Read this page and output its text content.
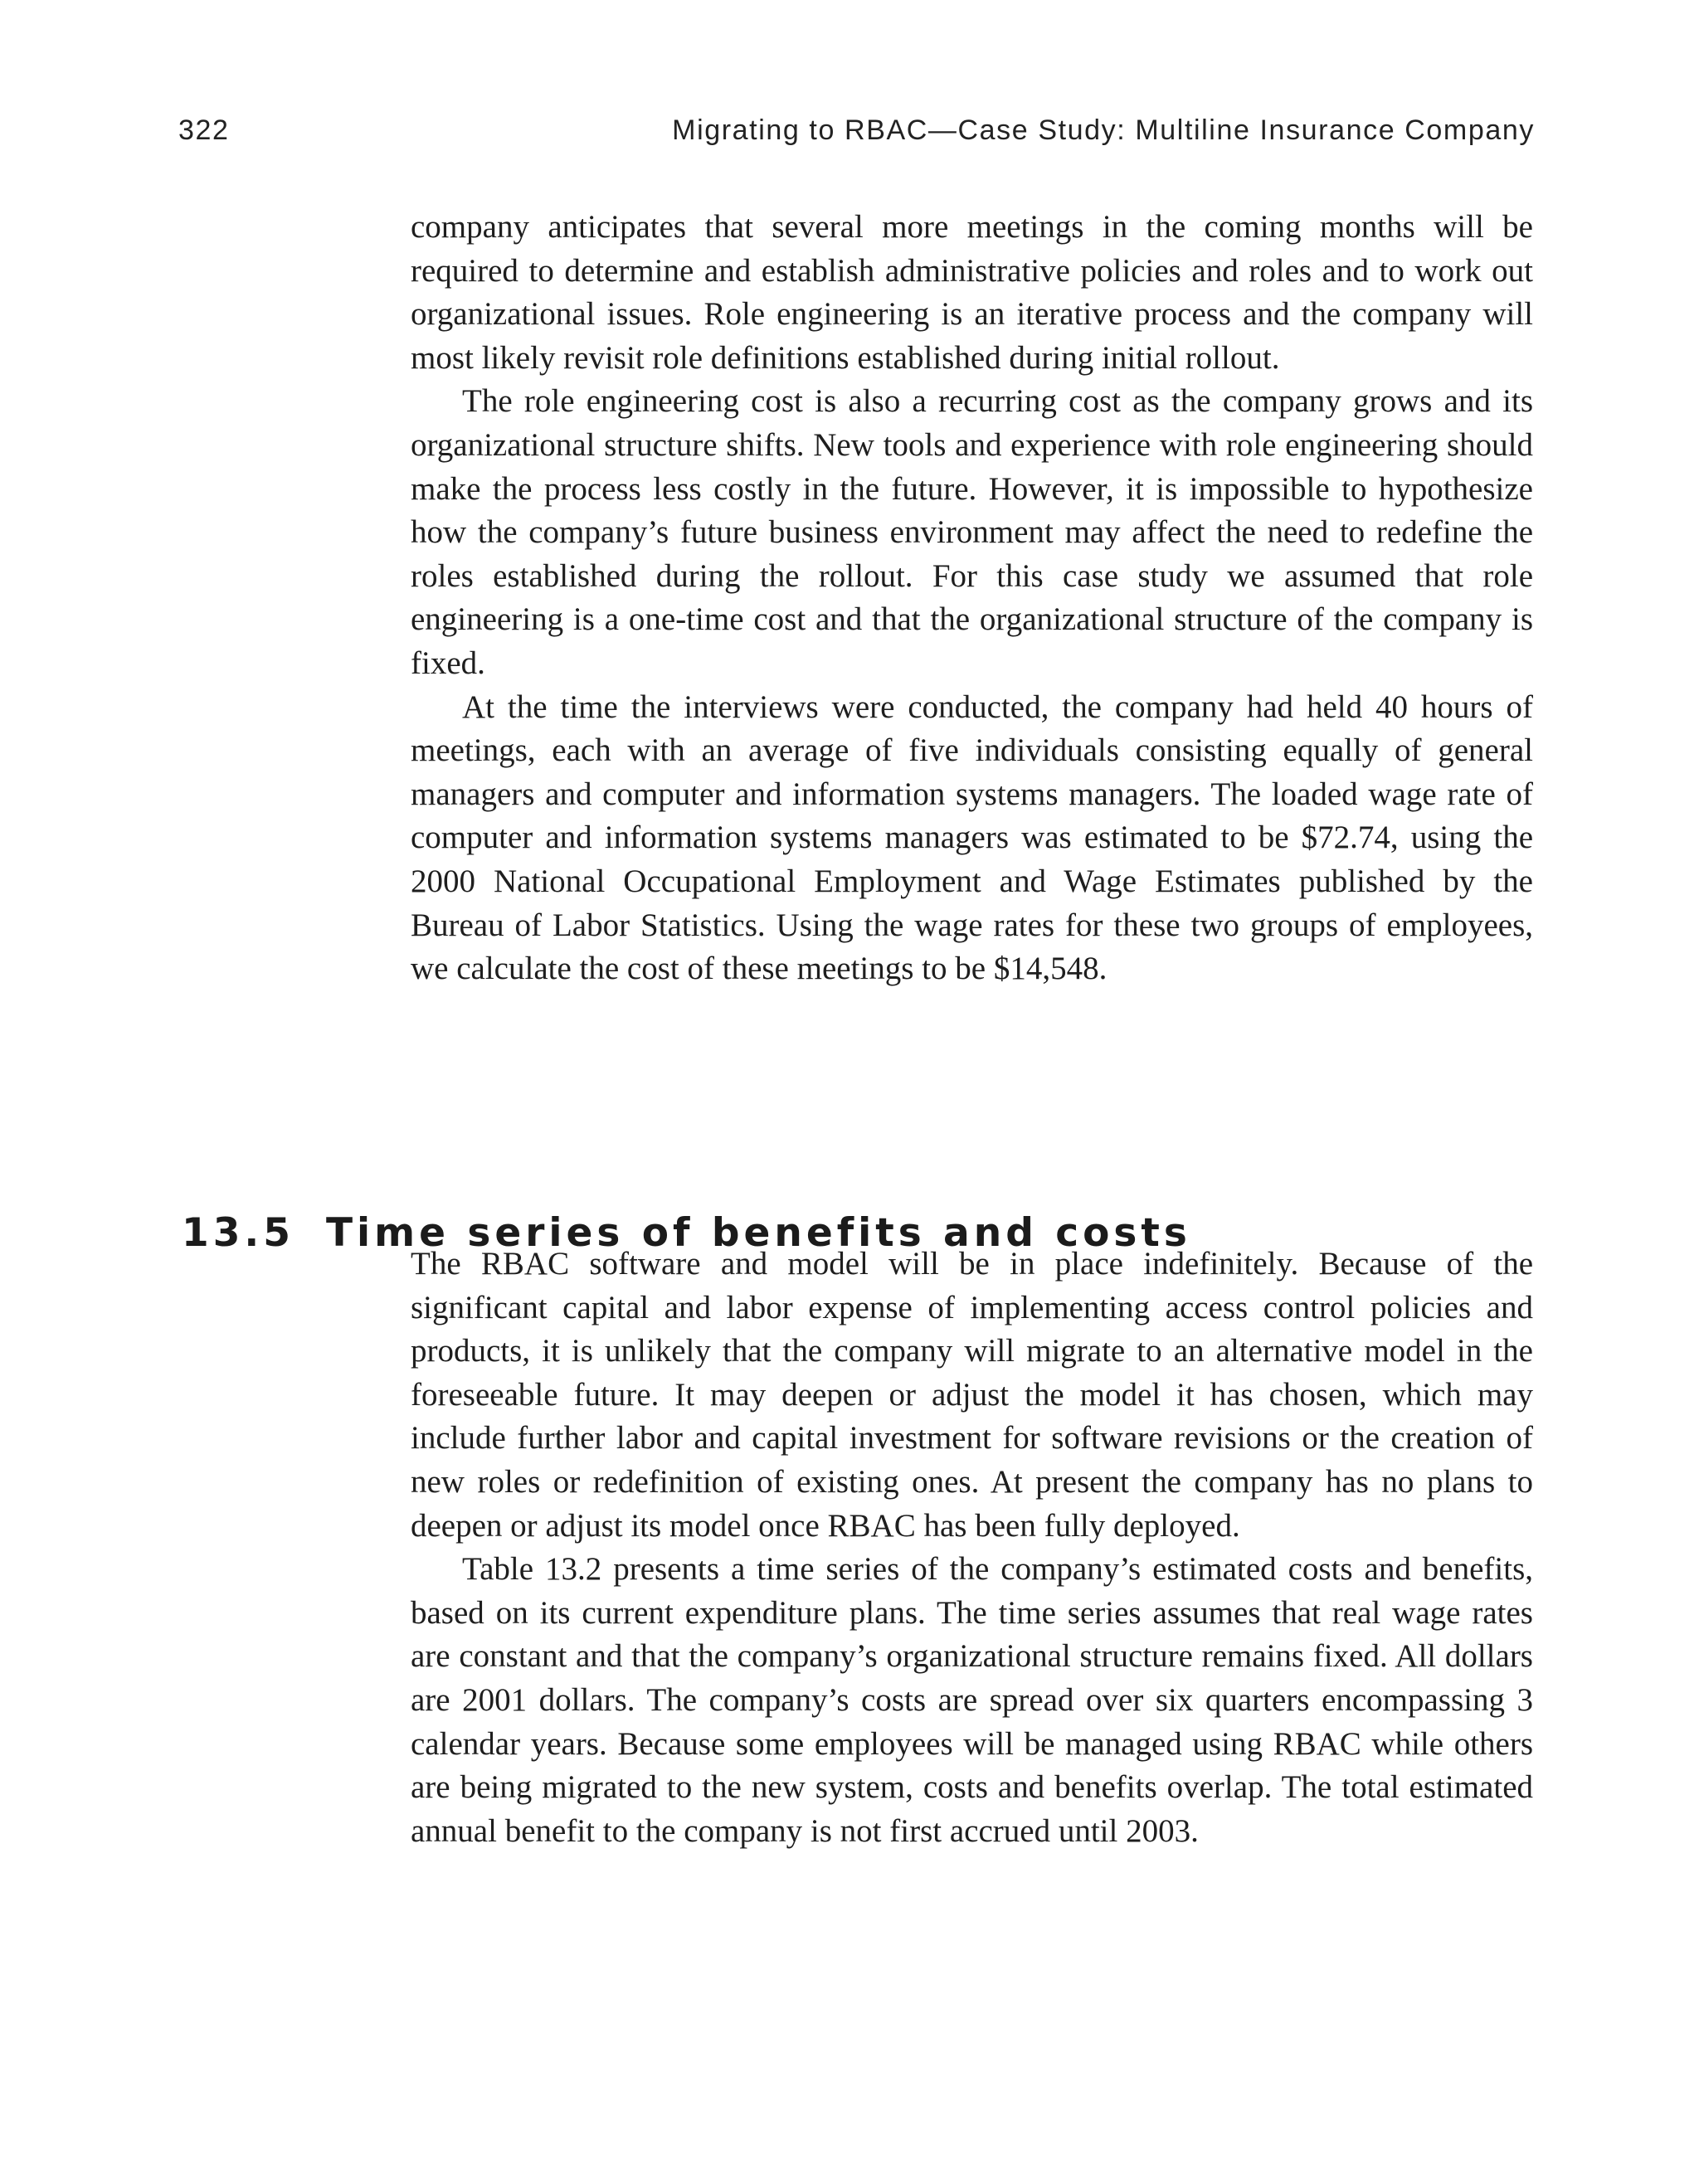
322	Migrating to RBAC—Case Study: Multiline Insurance Company

company anticipates that several more meetings in the coming months will be required to determine and establish administrative policies and roles and to work out organizational issues. Role engineering is an iterative process and the company will most likely revisit role definitions established during initial rollout.

The role engineering cost is also a recurring cost as the company grows and its organizational structure shifts. New tools and experience with role engineering should make the process less costly in the future. However, it is impossible to hypothesize how the company’s future business environment may affect the need to redefine the roles established during the rollout. For this case study we assumed that role engineering is a one-time cost and that the organizational structure of the company is fixed.

At the time the interviews were conducted, the company had held 40 hours of meetings, each with an average of five individuals consisting equally of general managers and computer and information systems managers. The loaded wage rate of computer and information systems managers was estimated to be $72.74, using the 2000 National Occupational Employment and Wage Estimates published by the Bureau of Labor Statistics. Using the wage rates for these two groups of employees, we calculate the cost of these meetings to be $14,548.

13.5 Time series of benefits and costs

The RBAC software and model will be in place indefinitely. Because of the significant capital and labor expense of implementing access control policies and products, it is unlikely that the company will migrate to an alternative model in the foreseeable future. It may deepen or adjust the model it has chosen, which may include further labor and capital investment for software revisions or the creation of new roles or redefinition of existing ones. At present the company has no plans to deepen or adjust its model once RBAC has been fully deployed.

Table 13.2 presents a time series of the company’s estimated costs and benefits, based on its current expenditure plans. The time series assumes that real wage rates are constant and that the company’s organizational structure remains fixed. All dollars are 2001 dollars. The company’s costs are spread over six quarters encompassing 3 calendar years. Because some employees will be managed using RBAC while others are being migrated to the new system, costs and benefits overlap. The total estimated annual benefit to the company is not first accrued until 2003.
